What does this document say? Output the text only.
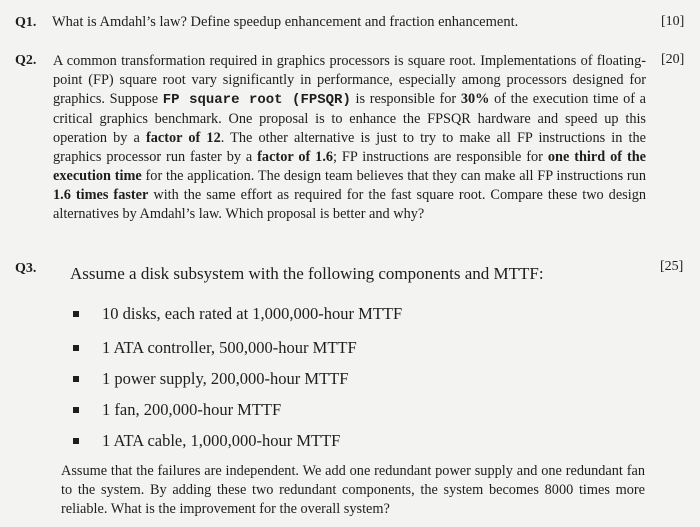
Q1. What is Amdahl’s law? Define speedup enhancement and fraction enhancement.	[10]
Q2. A common transformation required in graphics processors is square root. Implementations of floating-point (FP) square root vary significantly in performance, especially among processors designed for graphics. Suppose FP square root (FPSQR) is responsible for 30% of the execution time of a critical graphics benchmark. One proposal is to enhance the FPSQR hardware and speed up this operation by a factor of 12. The other alternative is just to try to make all FP instructions in the graphics processor run faster by a factor of 1.6; FP instructions are responsible for one third of the execution time for the application. The design team believes that they can make all FP instructions run 1.6 times faster with the same effort as required for the fast square root. Compare these two design alternatives by Amdahl’s law. Which proposal is better and why?
[20]
Q3. Assume a disk subsystem with the following components and MTTF:	[25]
10 disks, each rated at 1,000,000-hour MTTF
1 ATA controller, 500,000-hour MTTF
1 power supply, 200,000-hour MTTF
1 fan, 200,000-hour MTTF
1 ATA cable, 1,000,000-hour MTTF
Assume that the failures are independent. We add one redundant power supply and one redundant fan to the system. By adding these two redundant components, the system becomes 8000 times more reliable. What is the improvement for the overall system?
